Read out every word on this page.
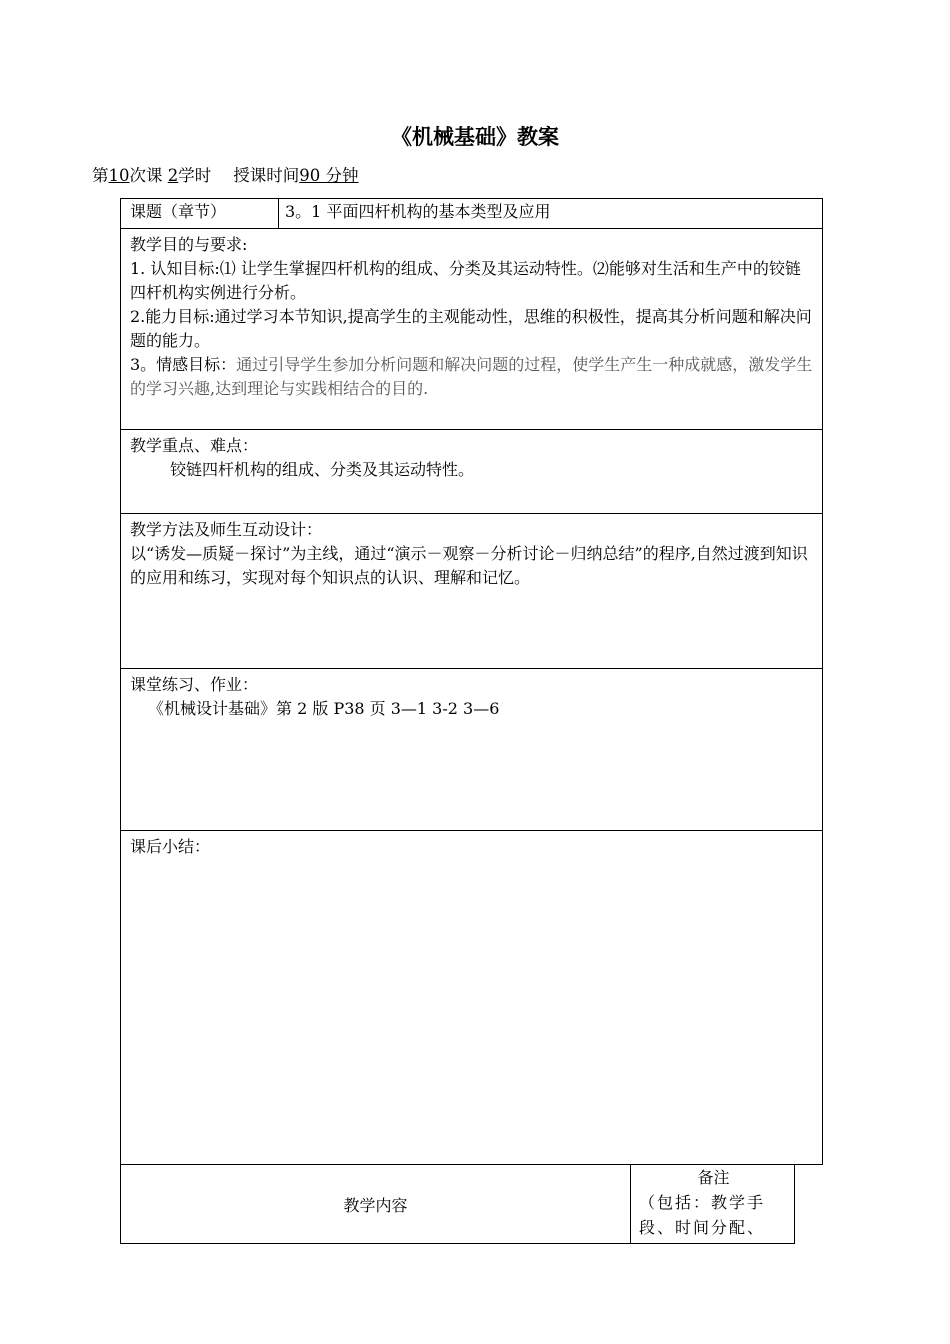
《机械基础》教案
第10次课 2学时 授课时间90 分钟
课题（章节）	3。1 平面四杆机构的基本类型及应用
教学目的与要求:
1. 认知目标:⑴ 让学生掌握四杆机构的组成、分类及其运动特性。⑵能够对生活和生产中的铰链四杆机构实例进行分析。
2.能力目标:通过学习本节知识,提高学生的主观能动性，思维的积极性，提高其分析问题和解决问题的能力。
3。情感目标：通过引导学生参加分析问题和解决问题的过程，使学生产生一种成就感，激发学生的学习兴趣,达到理论与实践相结合的目的.
教学重点、难点：
铰链四杆机构的组成、分类及其运动特性。
教学方法及师生互动设计：
以“诱发—质疑－探讨”为主线，通过“演示－观察－分析讨论－归纳总结”的程序,自然过渡到知识的应用和练习，实现对每个知识点的认识、理解和记忆。
课堂练习、作业：
《机械设计基础》第 2 版 P38 页 3—1 3-2 3—6
课后小结：
教学内容
备注
（包括：教学手段、时间分配、
